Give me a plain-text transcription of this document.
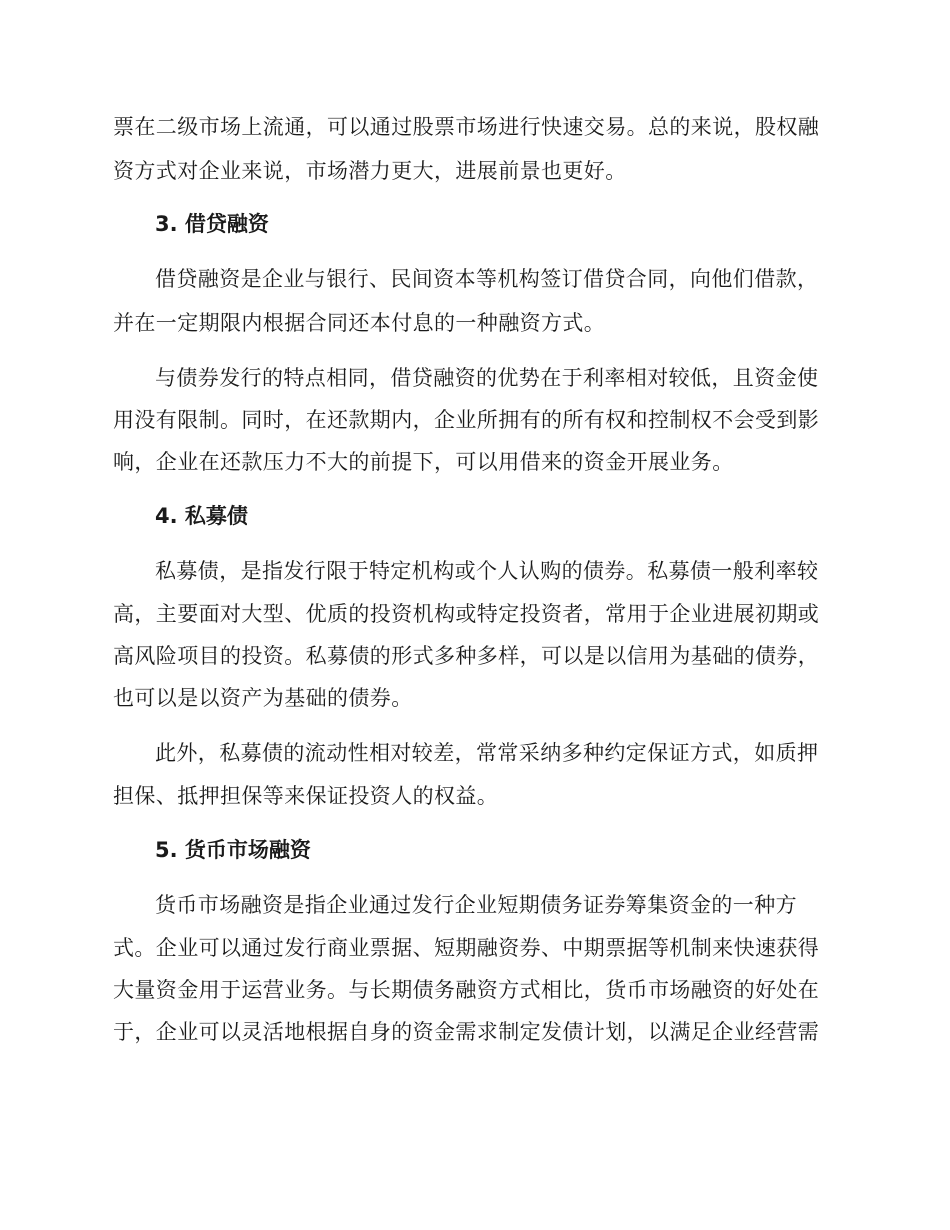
票在二级市场上流通，可以通过股票市场进行快速交易。总的来说，股权融
资方式对企业来说，市场潜力更大，进展前景也更好。
3. 借贷融资
借贷融资是企业与银行、民间资本等机构签订借贷合同，向他们借款，
并在一定期限内根据合同还本付息的一种融资方式。
与债券发行的特点相同，借贷融资的优势在于利率相对较低，且资金使
用没有限制。同时，在还款期内，企业所拥有的所有权和控制权不会受到影
响，企业在还款压力不大的前提下，可以用借来的资金开展业务。
4. 私募债
私募债，是指发行限于特定机构或个人认购的债券。私募债一般利率较
高，主要面对大型、优质的投资机构或特定投资者，常用于企业进展初期或
高风险项目的投资。私募债的形式多种多样，可以是以信用为基础的债券，
也可以是以资产为基础的债券。
此外，私募债的流动性相对较差，常常采纳多种约定保证方式，如质押
担保、抵押担保等来保证投资人的权益。
5. 货币市场融资
货币市场融资是指企业通过发行企业短期债务证券筹集资金的一种方
式。企业可以通过发行商业票据、短期融资券、中期票据等机制来快速获得
大量资金用于运营业务。与长期债务融资方式相比，货币市场融资的好处在
于，企业可以灵活地根据自身的资金需求制定发债计划，以满足企业经营需
